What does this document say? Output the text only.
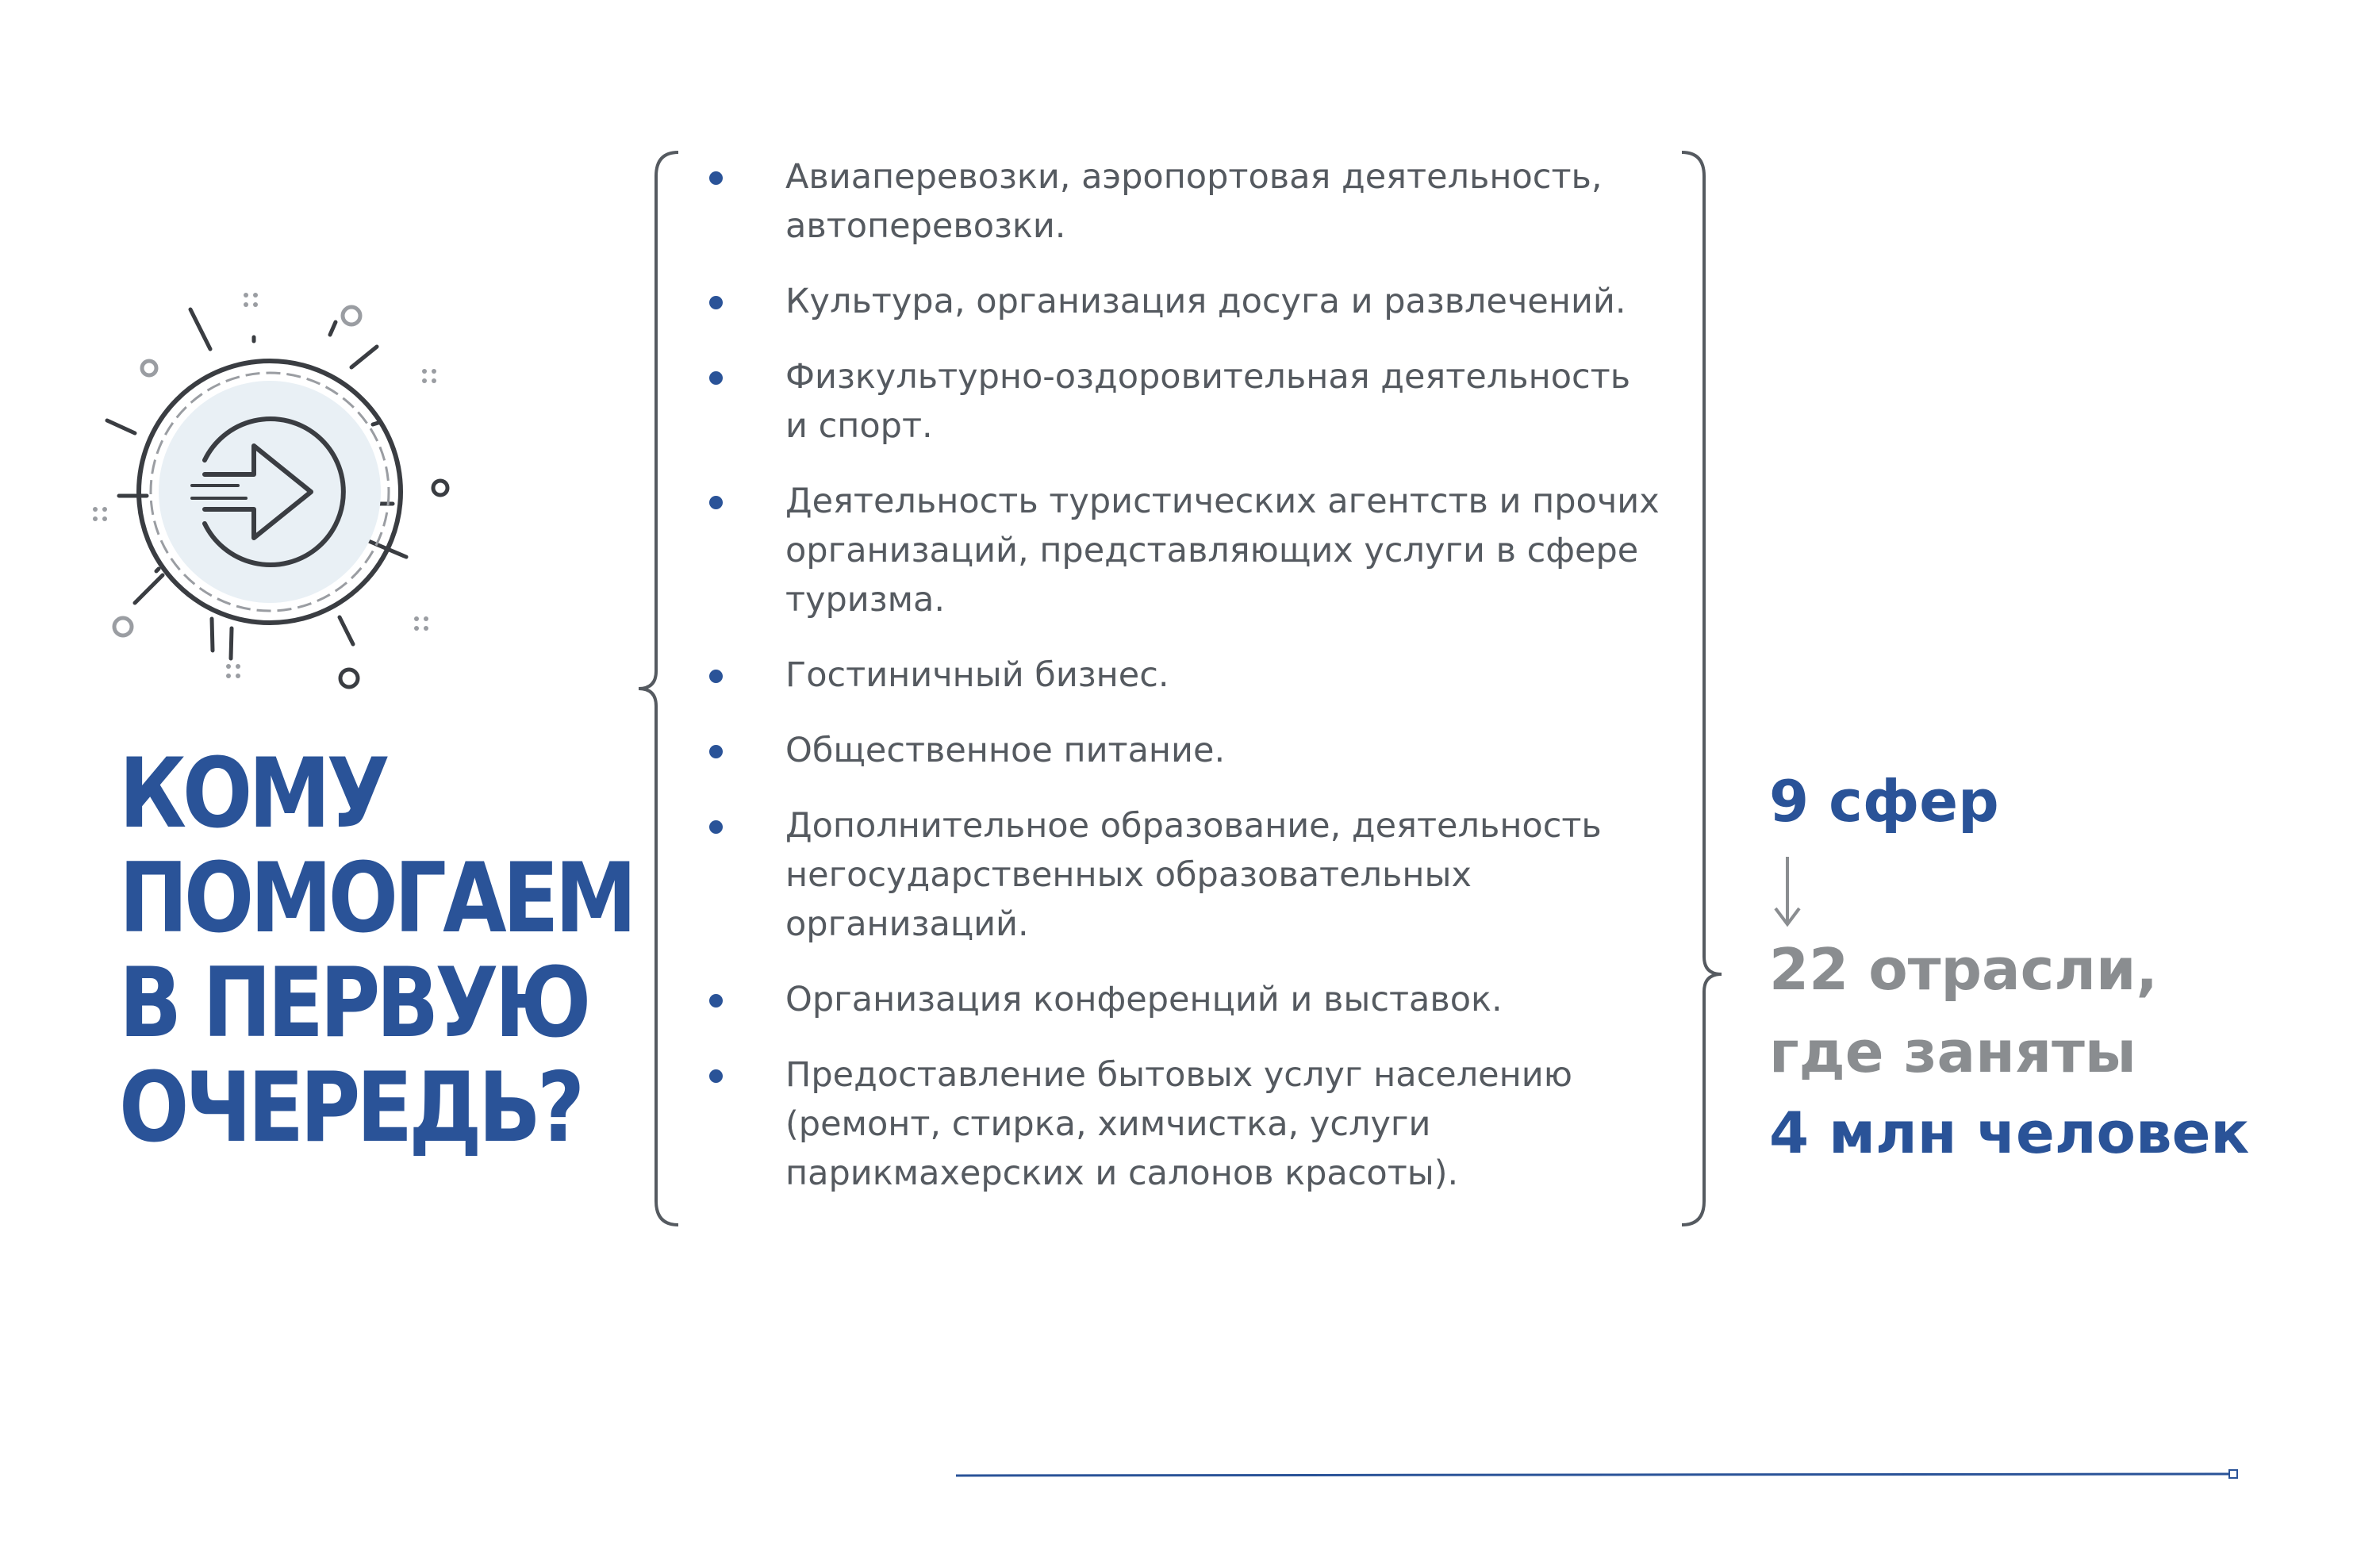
КОМУ
ПОМОГАЕМ
В ПЕРВУЮ
ОЧЕРЕДЬ?
Авиаперевозки, аэропортовая деятельность,
автоперевозки.
Культура, организация досуга и развлечений.
Физкультурно-оздоровительная деятельность
и спорт.
Деятельность туристических агентств и прочих
организаций, представляющих услуги в сфере
туризма.
Гостиничный бизнес.
Общественное питание.
Дополнительное образование, деятельность
негосударственных образовательных
организаций.
Организация конференций и выставок.
Предоставление бытовых услуг населению
(ремонт, стирка, химчистка, услуги
парикмахерских и салонов красоты).
9 сфер
22 отрасли,
где заняты
4 млн человек
